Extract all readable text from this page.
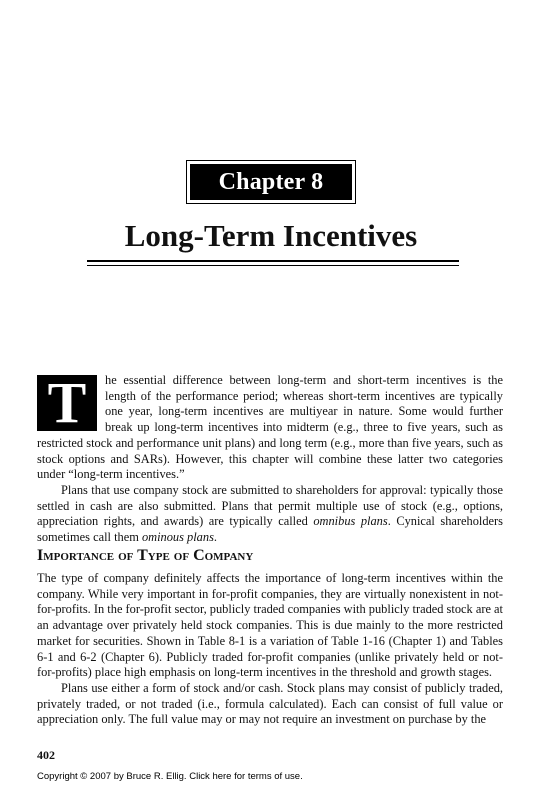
Chapter 8
Long-Term Incentives

T	he essential difference between long-term and short-term incentives is the length of the performance period; whereas short-term incentives are typically one year, long-term incentives are multiyear in nature. Some would further break up long-term incentives into midterm (e.g., three to five years, such as restricted stock and performance unit plans) and long term (e.g., more than five years, such as stock options and SARs). However, this chapter will combine these latter two categories under “long-term incentives.”

Plans that use company stock are submitted to shareholders for approval: typically those settled in cash are also submitted. Plans that permit multiple use of stock (e.g., options, appreciation rights, and awards) are typically called omnibus plans. Cynical shareholders sometimes call them ominous plans.

Importance of Type of Company

The type of company definitely affects the importance of long-term incentives within the company. While very important in for-profit companies, they are virtually nonexistent in not-for-profits. In the for-profit sector, publicly traded companies with publicly traded stock are at an advantage over privately held stock companies. This is due mainly to the more restricted market for securities. Shown in Table 8-1 is a variation of Table 1-16 (Chapter 1) and Tables 6-1 and 6-2 (Chapter 6). Publicly traded for-profit companies (unlike privately held or not-for-profits) place high emphasis on long-term incentives in the threshold and growth stages.

Plans use either a form of stock and/or cash. Stock plans may consist of publicly traded, privately traded, or not traded (i.e., formula calculated). Each can consist of full value or appreciation only. The full value may or may not require an investment on purchase by the

402
Copyright © 2007 by Bruce R. Ellig. Click here for terms of use.
